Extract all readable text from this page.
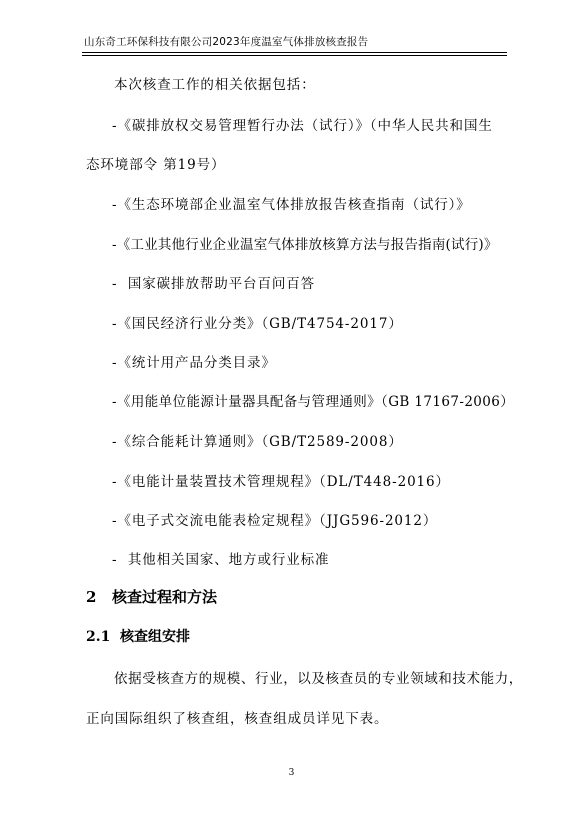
山东奇工环保科技有限公司2023年度温室气体排放核查报告
本次核查工作的相关依据包括：
-《碳排放权交易管理暂行办法（试行）》（中华人民共和国生
态环境部令 第19号）
-《生态环境部企业温室气体排放报告核查指南（试行）》
-《工业其他行业企业温室气体排放核算方法与报告指南(试行)》
-  国家碳排放帮助平台百问百答
-《国民经济行业分类》（GB/T4754-2017）
-《统计用产品分类目录》
-《用能单位能源计量器具配备与管理通则》（GB 17167-2006）
-《综合能耗计算通则》（GB/T2589-2008）
-《电能计量装置技术管理规程》（DL/T448-2016）
-《电子式交流电能表检定规程》（JJG596-2012）
-  其他相关国家、地方或行业标准
2 核查过程和方法
2.1 核查组安排
依据受核查方的规模、行业，以及核查员的专业领域和技术能力，
正向国际组织了核查组，核查组成员详见下表。
3
